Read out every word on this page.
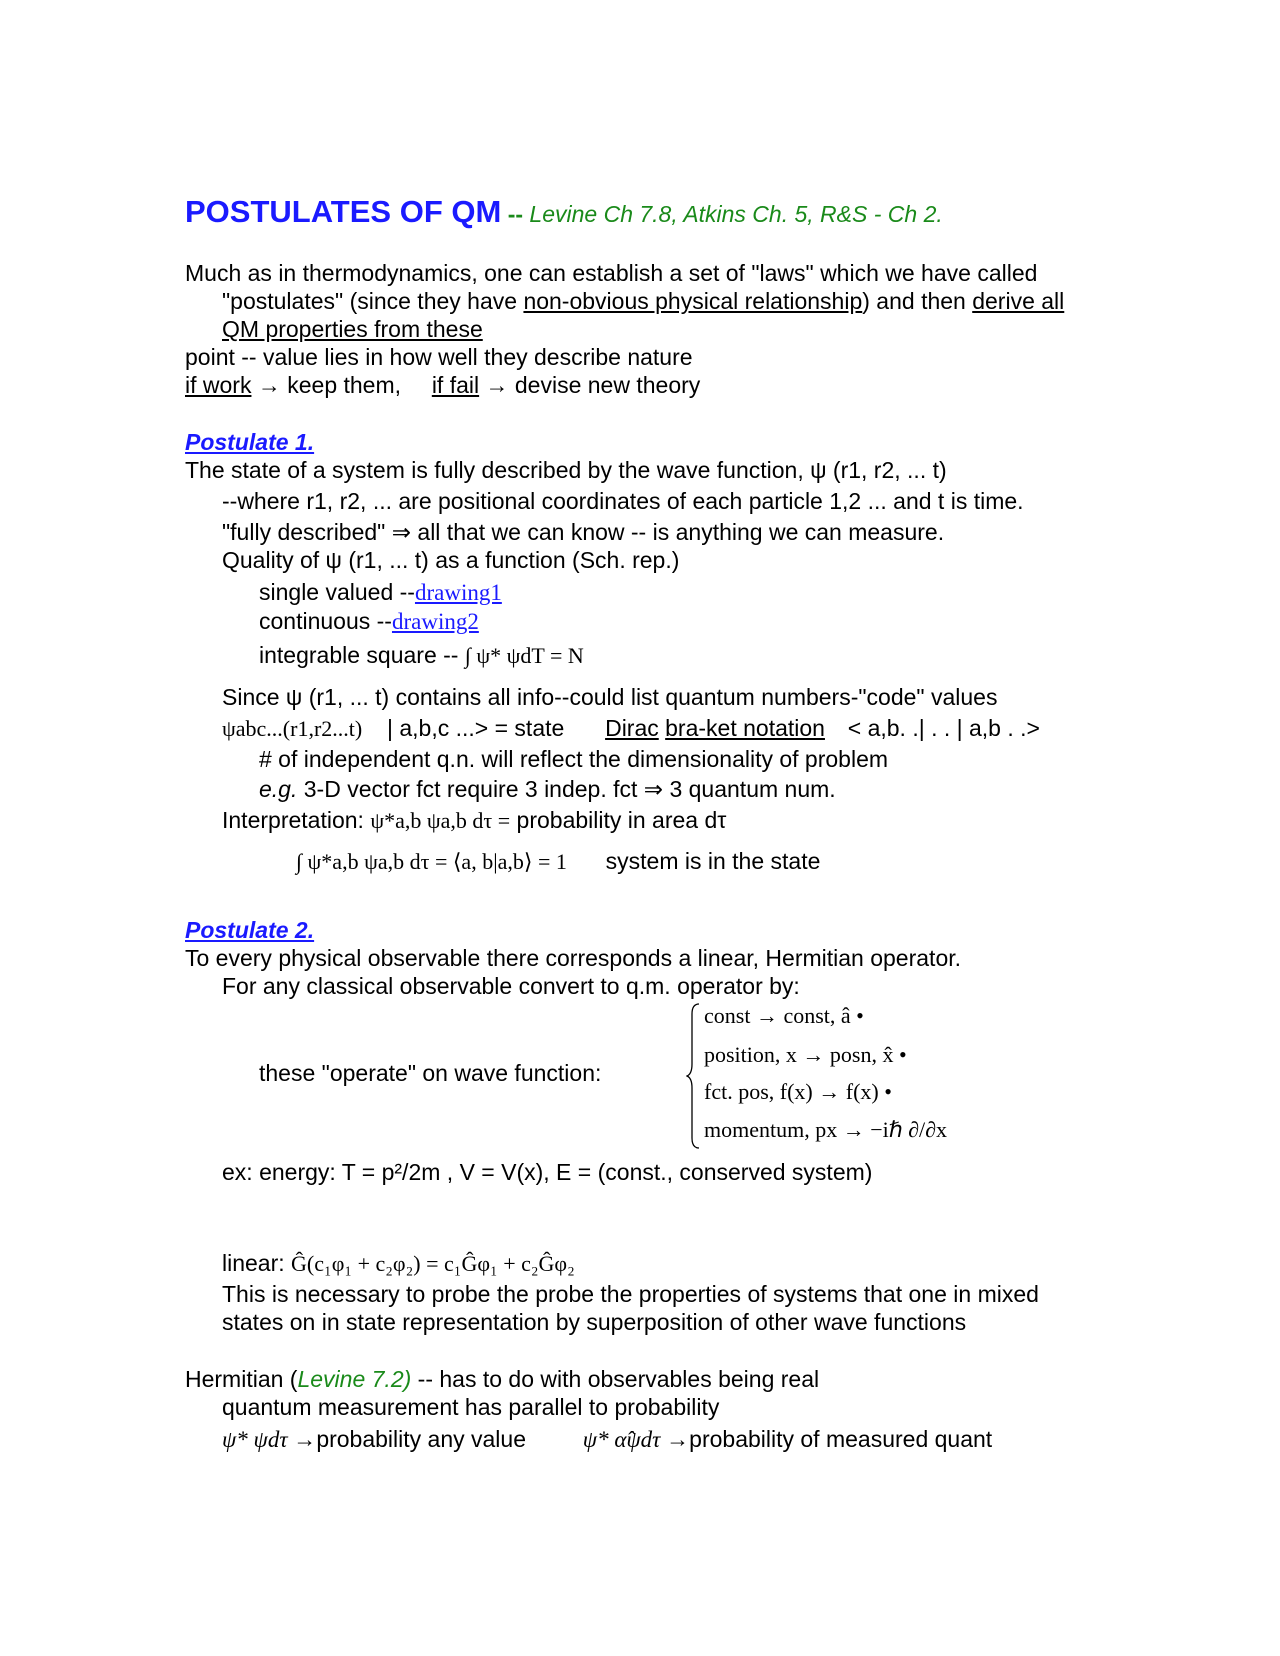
POSTULATES OF QM -- Levine Ch 7.8, Atkins Ch. 5, R&S - Ch 2.
Much as in thermodynamics, one can establish a set of "laws" which we have called
"postulates" (since they have non-obvious physical relationship) and then derive all
QM properties from these
point -- value lies in how well they describe nature
if work → keep them, if fail → devise new theory
Postulate 1.
The state of a system is fully described by the wave function, ψ (r1, r2, ... t)
--where r1, r2, ... are positional coordinates of each particle 1,2 ... and t is time.
"fully described" ⇒ all that we can know -- is anything we can measure.
Quality of ψ (r1, ... t) as a function (Sch. rep.)
single valued --drawing1
continuous --drawing2
integrable square -- ∫ ψ* ψdT = N
Since ψ (r1, ... t) contains all info--could list quantum numbers-"code" values
ψabc...(r1,r2...t) | a,b,c ...> = state Dirac bra-ket notation < a,b. .| . . | a,b . .>
# of independent q.n. will reflect the dimensionality of problem
e.g. 3-D vector fct require 3 indep. fct ⇒ 3 quantum num.
Interpretation: ψ*a,b ψa,b dτ = probability in area dτ
∫ ψ*a,b ψa,b dτ = ⟨a, b|a,b⟩ = 1 system is in the state
Postulate 2.
To every physical observable there corresponds a linear, Hermitian operator.
For any classical observable convert to q.m. operator by:
these "operate" on wave function:
const → const, â •
position, x → posn, x̂ •
fct. pos, f(x) → f(x) •
momentum, px → −iℏ ∂/∂x
ex: energy: T = p²/2m , V = V(x), E = (const., conserved system)
linear: Ĝ(c₁φ₁ + c₂φ₂) = c₁Ĝφ₁ + c₂Ĝφ₂
This is necessary to probe the probe the properties of systems that one in mixed
states on in state representation by superposition of other wave functions
Hermitian (Levine 7.2) -- has to do with observables being real
quantum measurement has parallel to probability
ψ* ψdτ →probability any value ψ* α̂ψdτ →probability of measured quant
